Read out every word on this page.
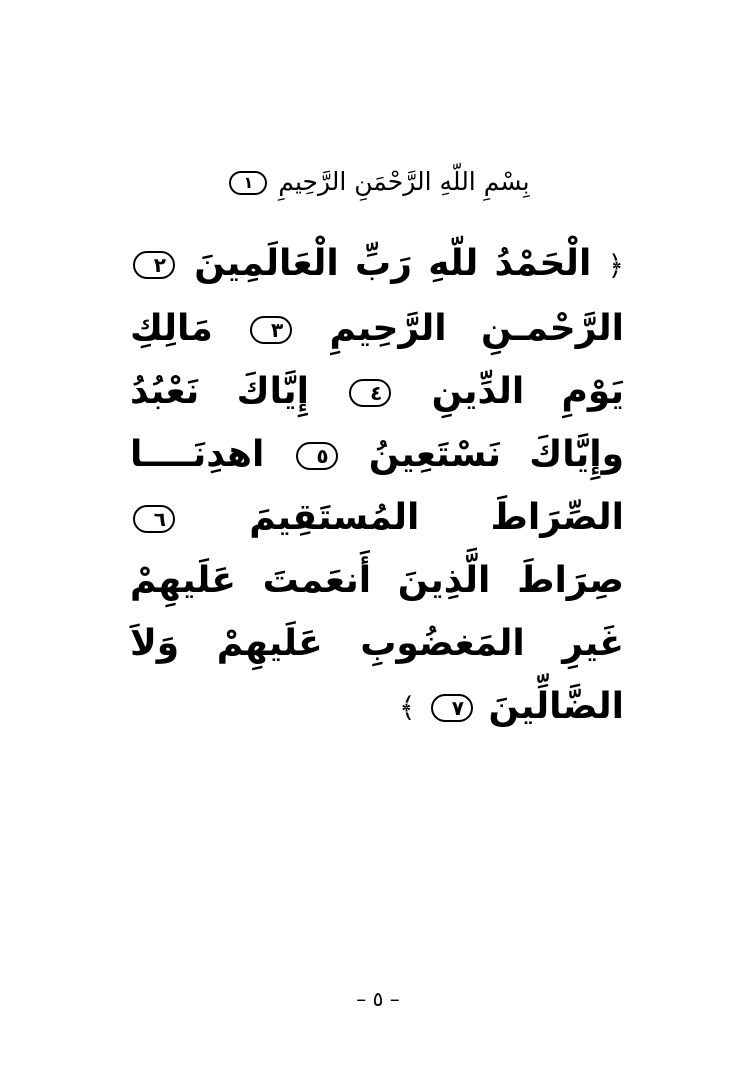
بِسْمِ اللّهِ الرَّحْمَنِ الرَّحِيمِ ١
﴿ الْحَمْدُ للّهِ رَبِّ الْعَالَمِينَ ٢ الرَّحْمـنِ الرَّحِيمِ ٣ مَالِكِ يَوْمِ الدِّينِ ٤ إِيَّاكَ نَعْبُدُ وإِيَّاكَ نَسْتَعِينُ ٥ اهدِنَــــا الصِّرَاطَ المُستَقِيمَ ٦ صِرَاطَ الَّذِينَ أَنعَمتَ عَلَيهِمْ غَيرِ المَغضُوبِ عَلَيهِمْ وَلاَ الضَّالِّينَ ٧ ﴾
– ٥ –
